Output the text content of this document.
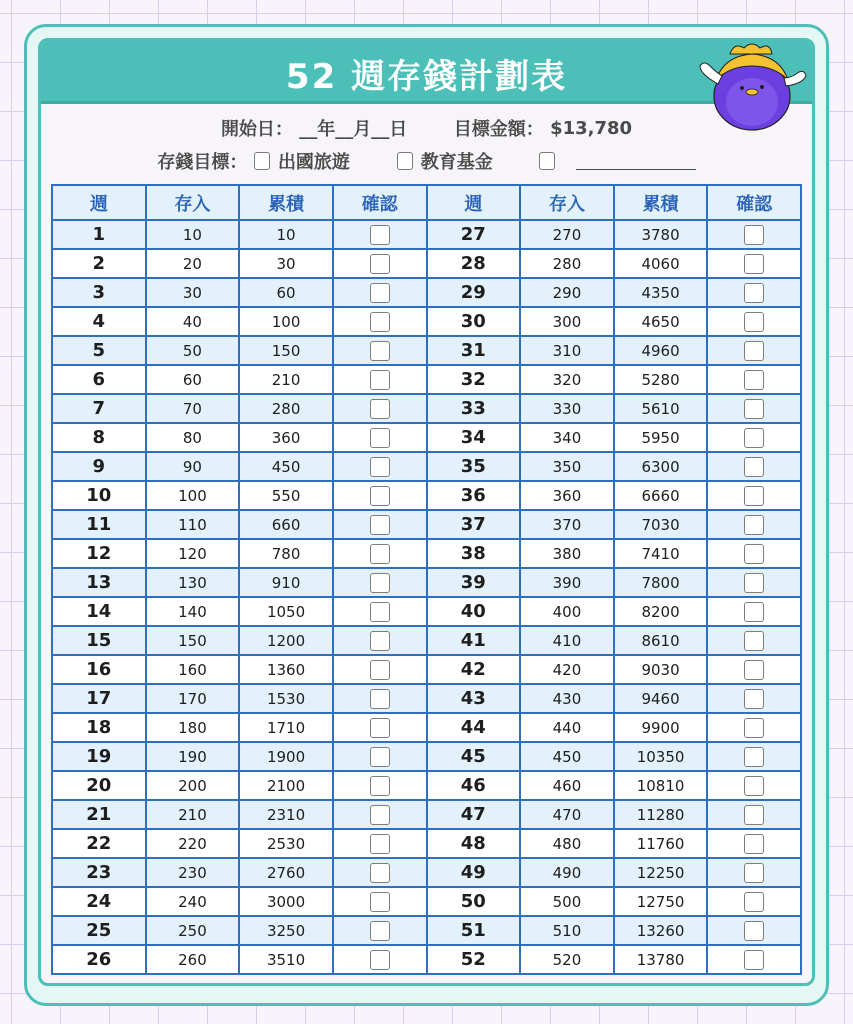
52 週存錢計劃表
開始日： __年__月__日	目標金額： $13,780
存錢目標： 出國旅遊	教育基金
週	存入	累積	確認	週	存入	累積	確認
1	10	10		27	270	3780	
2	20	30		28	280	4060	
3	30	60		29	290	4350	
4	40	100		30	300	4650	
5	50	150		31	310	4960	
6	60	210		32	320	5280	
7	70	280		33	330	5610	
8	80	360		34	340	5950	
9	90	450		35	350	6300	
10	100	550		36	360	6660	
11	110	660		37	370	7030	
12	120	780		38	380	7410	
13	130	910		39	390	7800	
14	140	1050		40	400	8200	
15	150	1200		41	410	8610	
16	160	1360		42	420	9030	
17	170	1530		43	430	9460	
18	180	1710		44	440	9900	
19	190	1900		45	450	10350	
20	200	2100		46	460	10810	
21	210	2310		47	470	11280	
22	220	2530		48	480	11760	
23	230	2760		49	490	12250	
24	240	3000		50	500	12750	
25	250	3250		51	510	13260	
26	260	3510		52	520	13780	
